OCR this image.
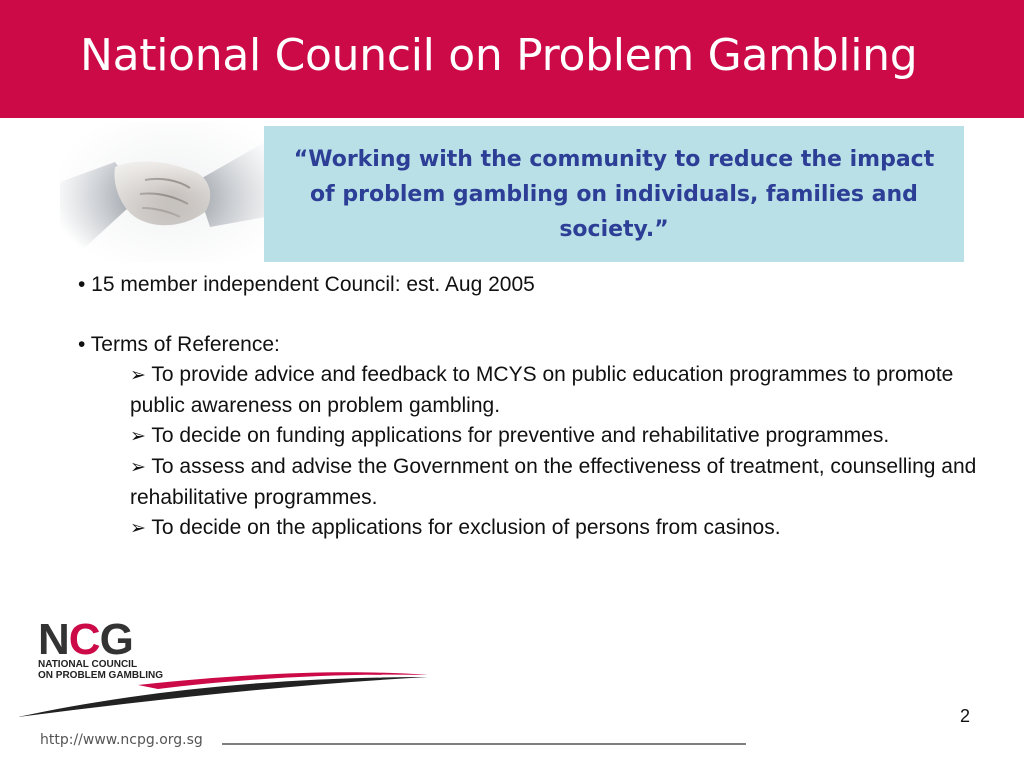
National Council on Problem Gambling
“Working with the community to reduce the impact of problem gambling on individuals, families and society.”

• 15 member independent Council: est. Aug 2005

• Terms of Reference:

➢ To provide advice and feedback to MCYS on public education programmes to promote public awareness on problem gambling.
➢ To decide on funding applications for preventive and rehabilitative programmes.
➢ To assess and advise the Government on the effectiveness of treatment, counselling and rehabilitative programmes.
➢ To decide on the applications for exclusion of persons from casinos.
NCG
NATIONAL COUNCIL
ON PROBLEM GAMBLING
2
http://www.ncpg.org.sg
